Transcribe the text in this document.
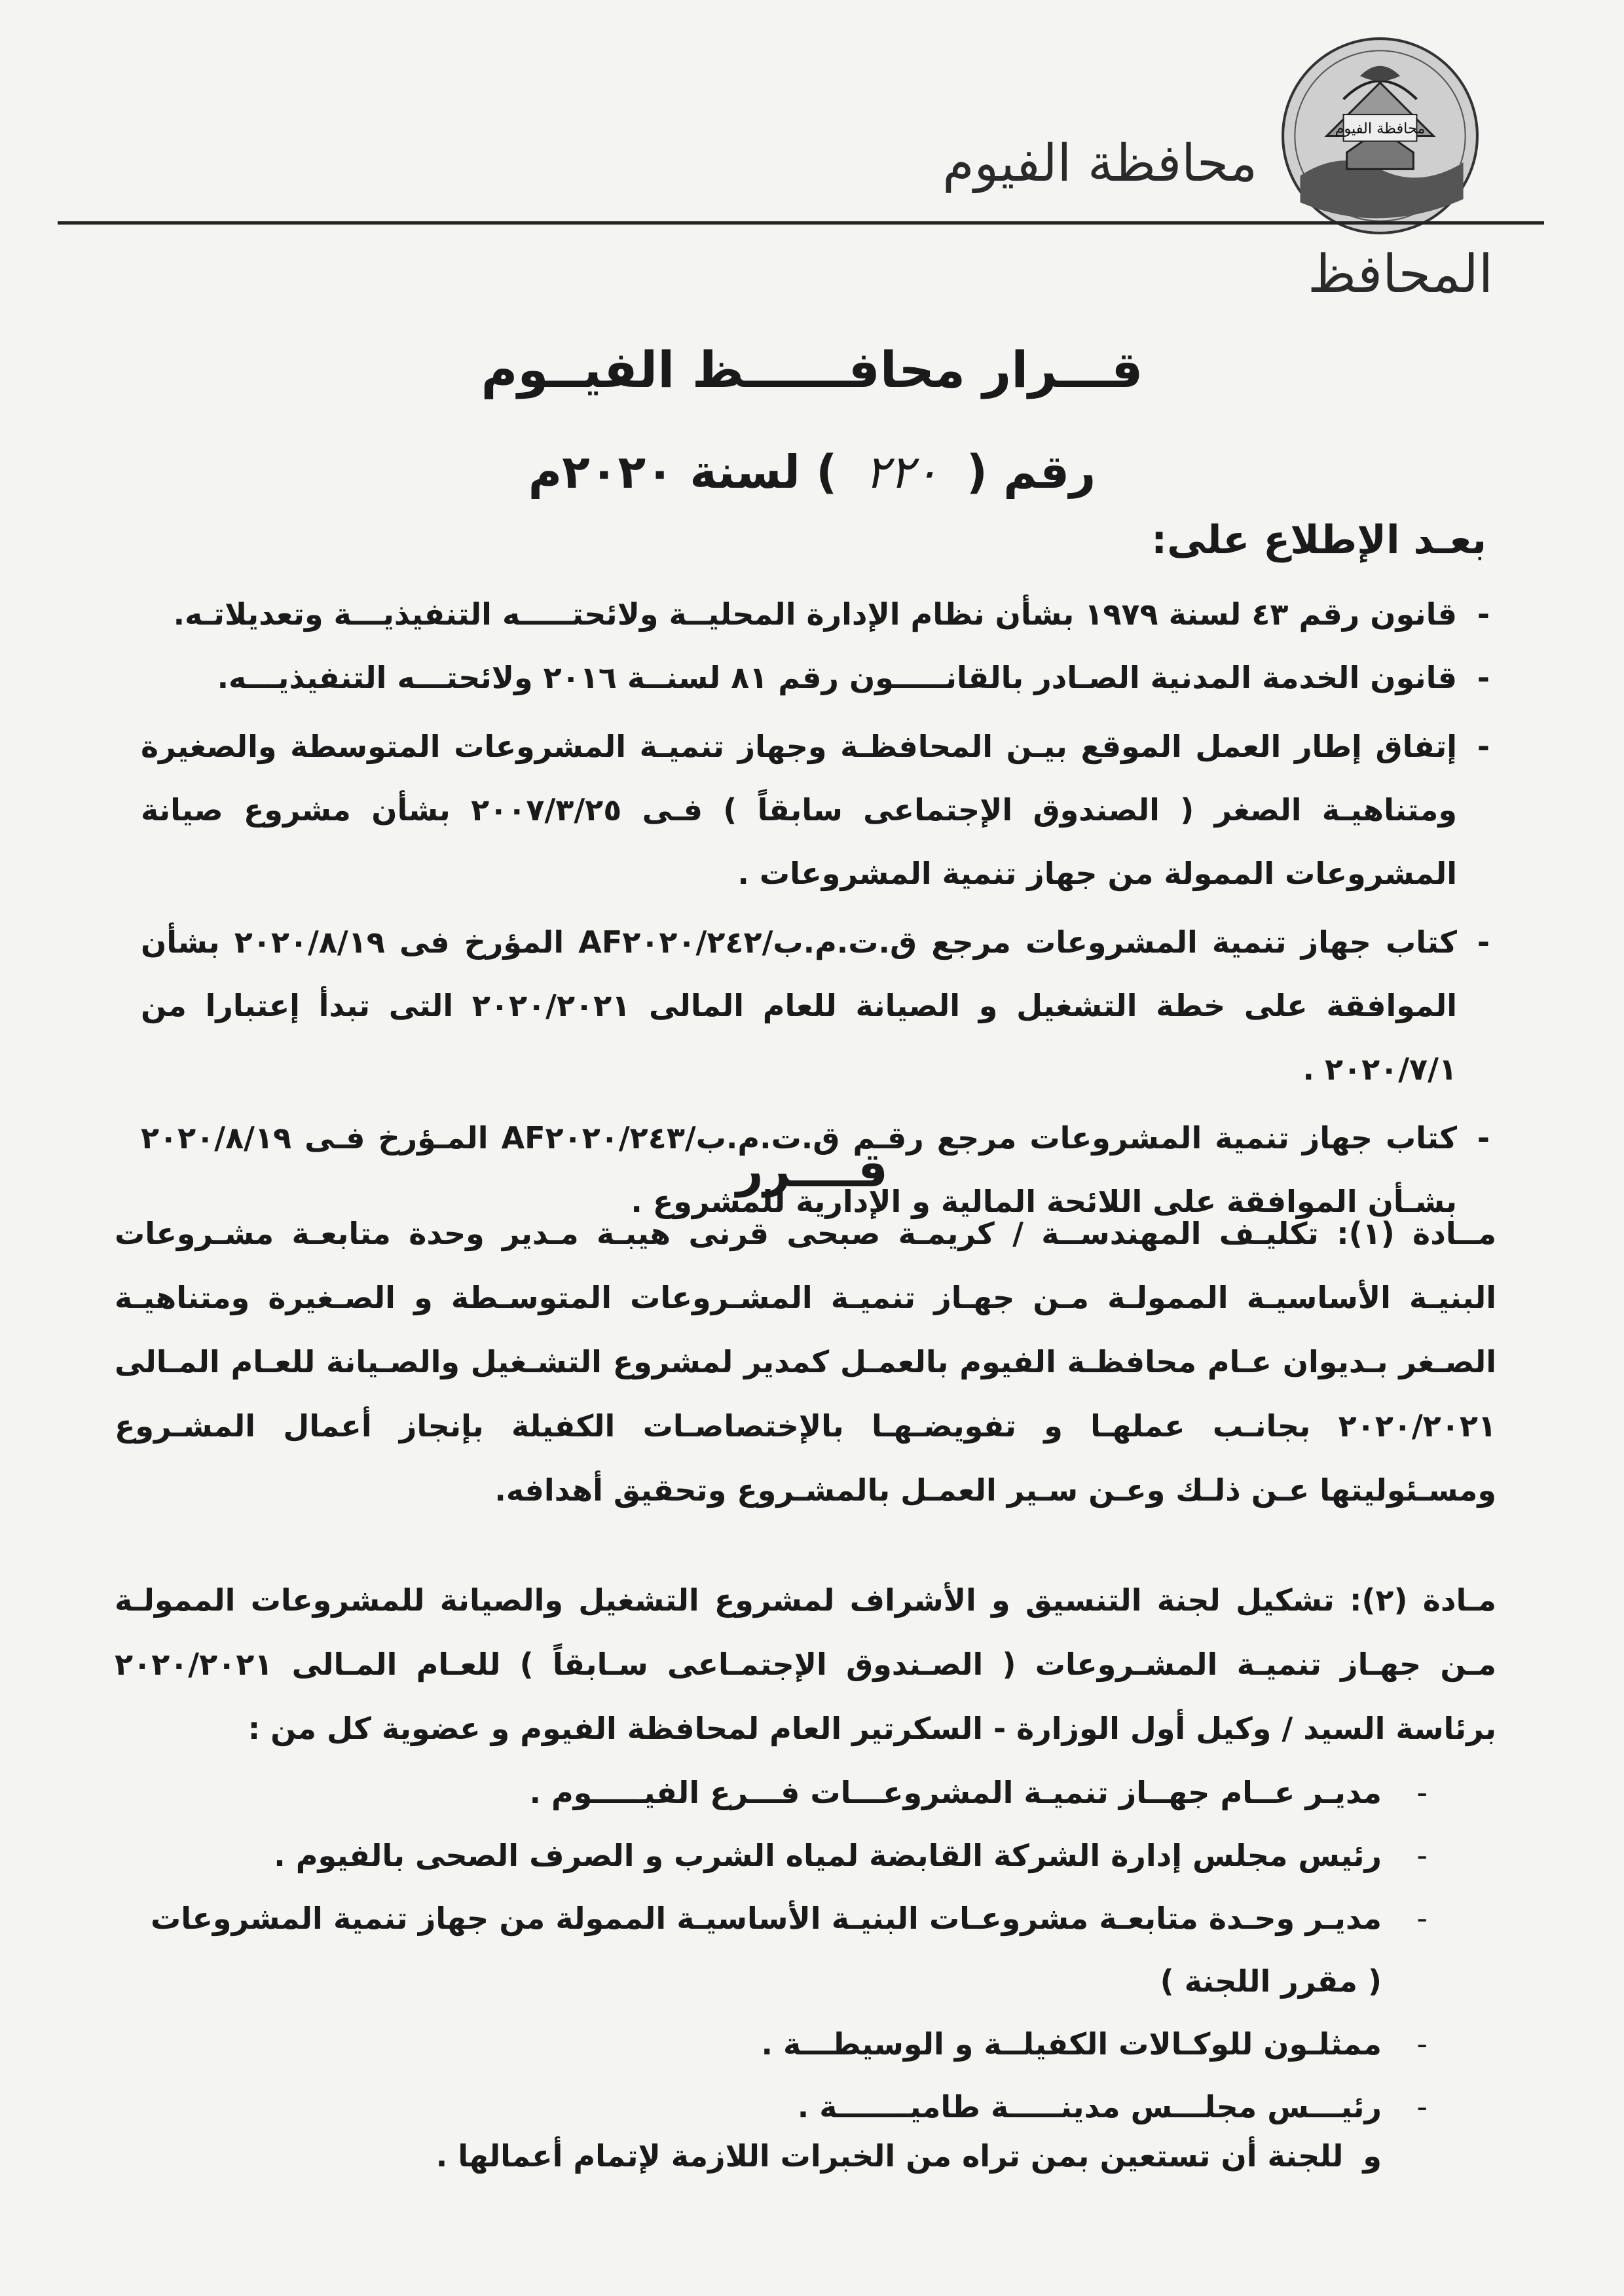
محافظة الفيوم
محافظة الفيوم
المحافظ
قـــرار محافــــــظ الفيــوم
رقم ( ٢٢٠ ) لسنة ٢٠٢٠م
بعـد الإطلاع على:
- قانون رقم ٤٣ لسنة ١٩٧٩ بشأن نظام الإدارة المحليــة ولائحتـــــه التنفيذيـــة وتعديلاتـه.
- قانون الخدمة المدنية الصـادر بالقانـــــون رقم ٨١ لسنــة ٢٠١٦ ولائحتـــه التنفيذيـــه.
- إتفاق إطار العمل الموقع بيـن المحافظـة وجهاز تنميـة المشروعات المتوسطة والصغيرة ومتناهيـة الصغر ( الصندوق الإجتماعى سابقاً ) فـى ٢٠٠٧/٣/٢٥ بشأن مشروع صيانة المشروعات الممولة من جهاز تنمية المشروعات .
- كتاب جهاز تنمية المشروعات مرجع ق.ت.م.ب/AF٢٠٢٠/٢٤٢ المؤرخ فى ٢٠٢٠/٨/١٩ بشأن الموافقة على خطة التشغيل و الصيانة للعام المالى ٢٠٢٠/٢٠٢١ التى تبدأ إعتبارا من ٢٠٢٠/٧/١ .
- كتاب جهاز تنمية المشروعات مرجع رقـم ق.ت.م.ب/AF٢٠٢٠/٢٤٣ المـؤرخ فـى ٢٠٢٠/٨/١٩ بشـأن الموافقة على اللائحة المالية و الإدارية للمشروع .
قــــرر
مــادة (١): تكليـف المهندســة / كريمـة صبحى قرنى هيبـة مـدير وحدة متابعـة مشـروعات البنيـة الأساسيـة الممولـة مـن جهـاز تنميـة المشـروعات المتوسـطة و الصـغيرة ومتناهيـة الصـغر بـديوان عـام محافظـة الفيوم بالعمـل كمدير لمشروع التشـغيل والصـيانة للعـام المـالى ٢٠٢٠/٢٠٢١ بجانـب عملهـا و تفويضـهـا بالإختصاصـات الكفيلة بإنجاز أعمال المشـروع ومسـئوليتها عـن ذلـك وعـن سـير العمـل بالمشـروع وتحقيق أهدافه.
مـادة (٢): تشكيل لجنة التنسيق و الأشراف لمشروع التشغيل والصيانة للمشروعات الممولـة مـن جهـاز تنميـة المشـروعات ( الصـندوق الإجتمـاعى سـابقاً ) للعـام المـالى ٢٠٢٠/٢٠٢١ برئاسة السيد / وكيل أول الوزارة - السكرتير العام لمحافظة الفيوم و عضوية كل من :
- مديـر عــام جهــاز تنميـة المشروعـــات فـــرع الفيـــــوم .
- رئيس مجلس إدارة الشركة القابضة لمياه الشرب و الصرف الصحى بالفيوم .
- مديـر وحـدة متابعـة مشروعـات البنيـة الأساسيـة الممولة من جهاز تنمية المشروعات ( مقرر اللجنة )
- ممثلـون للوكـالات الكفيلــة و الوسيطـــة .
- رئيـــس مجلـــس مدينـــــة طاميـــــــة .
و للجنة أن تستعين بمن تراه من الخبرات اللازمة لإتمام أعمالها .
